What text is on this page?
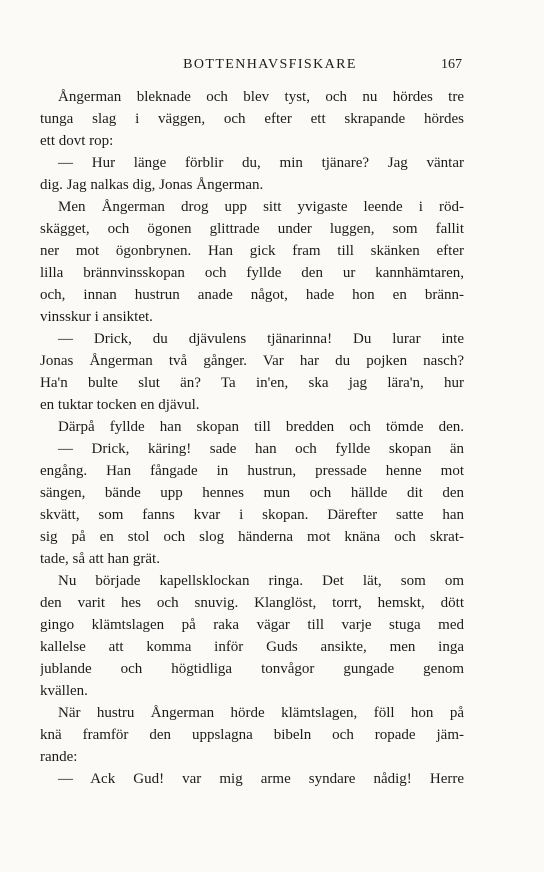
BOTTENHAVSFISKARE	167
Ångerman bleknade och blev tyst, och nu hördes tre
tunga slag i väggen, och efter ett skrapande hördes
ett dovt rop:
— Hur länge förblir du, min tjänare? Jag väntar
dig. Jag nalkas dig, Jonas Ångerman.
Men Ångerman drog upp sitt yvigaste leende i röd-
skägget, och ögonen glittrade under luggen, som fallit
ner mot ögonbrynen. Han gick fram till skänken efter
lilla brännvinsskopan och fyllde den ur kannhämtaren,
och, innan hustrun anade något, hade hon en bränn-
vinsskur i ansiktet.
— Drick, du djävulens tjänarinna! Du lurar inte
Jonas Ångerman två gånger. Var har du pojken nasch?
Ha'n bulte slut än? Ta in'en, ska jag lära'n, hur
en tuktar tocken en djävul.
Därpå fyllde han skopan till bredden och tömde den.
— Drick, käring! sade han och fyllde skopan än
engång. Han fångade in hustrun, pressade henne mot
sängen, bände upp hennes mun och hällde dit den
skvätt, som fanns kvar i skopan. Därefter satte han
sig på en stol och slog händerna mot knäna och skrat-
tade, så att han grät.
Nu började kapellsklockan ringa. Det lät, som om
den varit hes och snuvig. Klanglöst, torrt, hemskt, dött
gingo klämtslagen på raka vägar till varje stuga med
kallelse att komma inför Guds ansikte, men inga
jublande och högtidliga tonvågor gungade genom
kvällen.
När hustru Ångerman hörde klämtslagen, föll hon på
knä framför den uppslagna bibeln och ropade jäm-
rande:
— Ack Gud! var mig arme syndare nådig! Herre
